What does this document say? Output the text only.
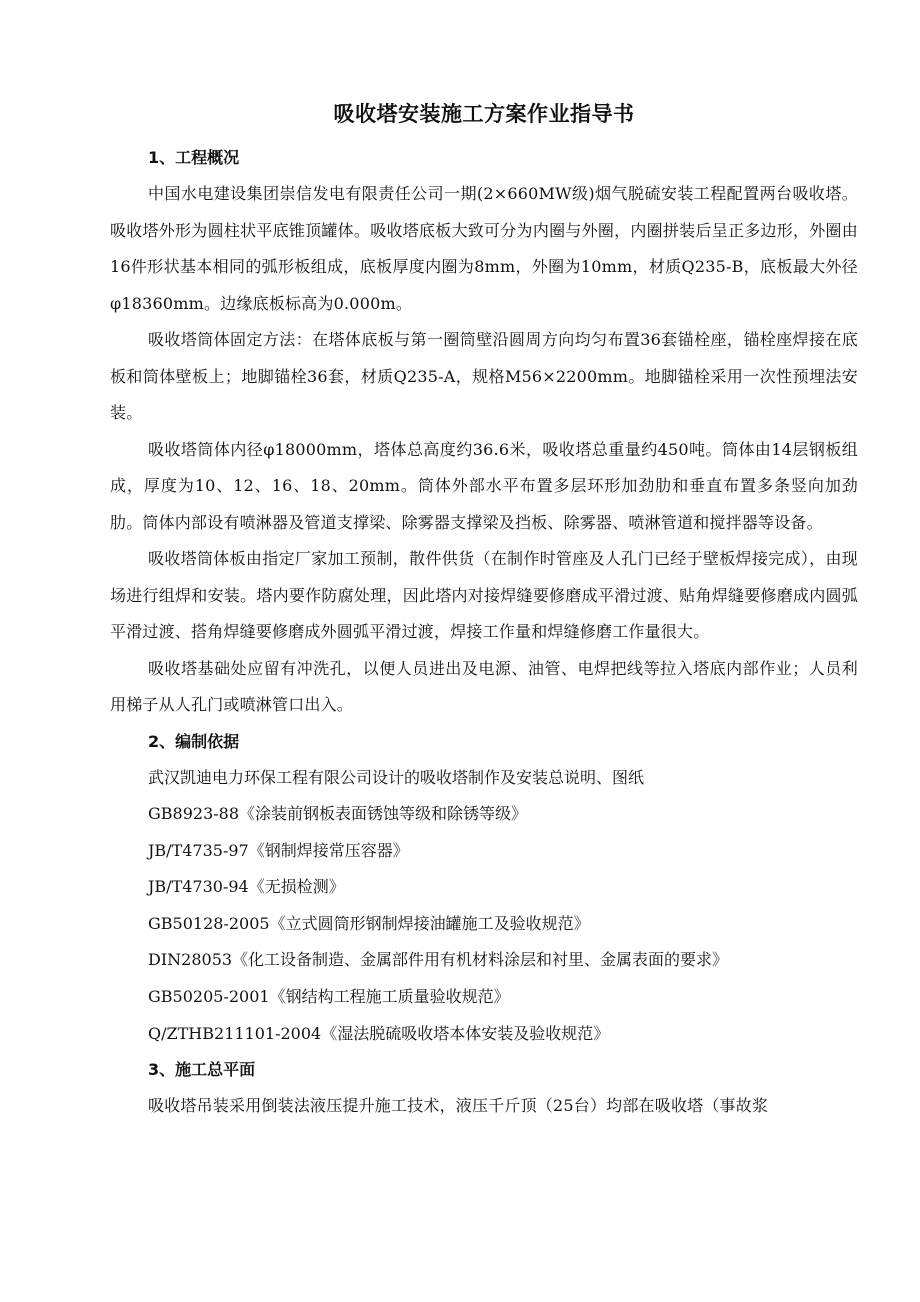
吸收塔安装施工方案作业指导书
1、工程概况

中国水电建设集团崇信发电有限责任公司一期(2×660MW级)烟气脱硫安装工程配置两台吸收塔。吸收塔外形为圆柱状平底锥顶罐体。吸收塔底板大致可分为内圈与外圈，内圈拼装后呈正多边形，外圈由16件形状基本相同的弧形板组成，底板厚度内圈为8mm，外圈为10mm，材质Q235-B，底板最大外径φ18360mm。边缘底板标高为0.000m。

吸收塔筒体固定方法：在塔体底板与第一圈筒壁沿圆周方向均匀布置36套锚栓座，锚栓座焊接在底板和筒体壁板上；地脚锚栓36套，材质Q235-A，规格M56×2200mm。地脚锚栓采用一次性预埋法安装。

吸收塔筒体内径φ18000mm，塔体总高度约36.6米，吸收塔总重量约450吨。筒体由14层钢板组成，厚度为10、12、16、18、20mm。筒体外部水平布置多层环形加劲肋和垂直布置多条竖向加劲肋。筒体内部设有喷淋器及管道支撑梁、除雾器支撑梁及挡板、除雾器、喷淋管道和搅拌器等设备。

吸收塔筒体板由指定厂家加工预制，散件供货（在制作时管座及人孔门已经于壁板焊接完成），由现场进行组焊和安装。塔内要作防腐处理，因此塔内对接焊缝要修磨成平滑过渡、贴角焊缝要修磨成内圆弧平滑过渡、搭角焊缝要修磨成外圆弧平滑过渡，焊接工作量和焊缝修磨工作量很大。

吸收塔基础处应留有冲洗孔，以便人员进出及电源、油管、电焊把线等拉入塔底内部作业；人员利用梯子从人孔门或喷淋管口出入。

2、编制依据
武汉凯迪电力环保工程有限公司设计的吸收塔制作及安装总说明、图纸
GB8923-88《涂装前钢板表面锈蚀等级和除锈等级》
JB/T4735-97《钢制焊接常压容器》
JB/T4730-94《无损检测》
GB50128-2005《立式圆筒形钢制焊接油罐施工及验收规范》
DIN28053《化工设备制造、金属部件用有机材料涂层和衬里、金属表面的要求》
GB50205-2001《钢结构工程施工质量验收规范》
Q/ZTHB211101-2004《湿法脱硫吸收塔本体安装及验收规范》
3、施工总平面

吸收塔吊装采用倒装法液压提升施工技术，液压千斤顶（25台）均部在吸收塔（事故浆
